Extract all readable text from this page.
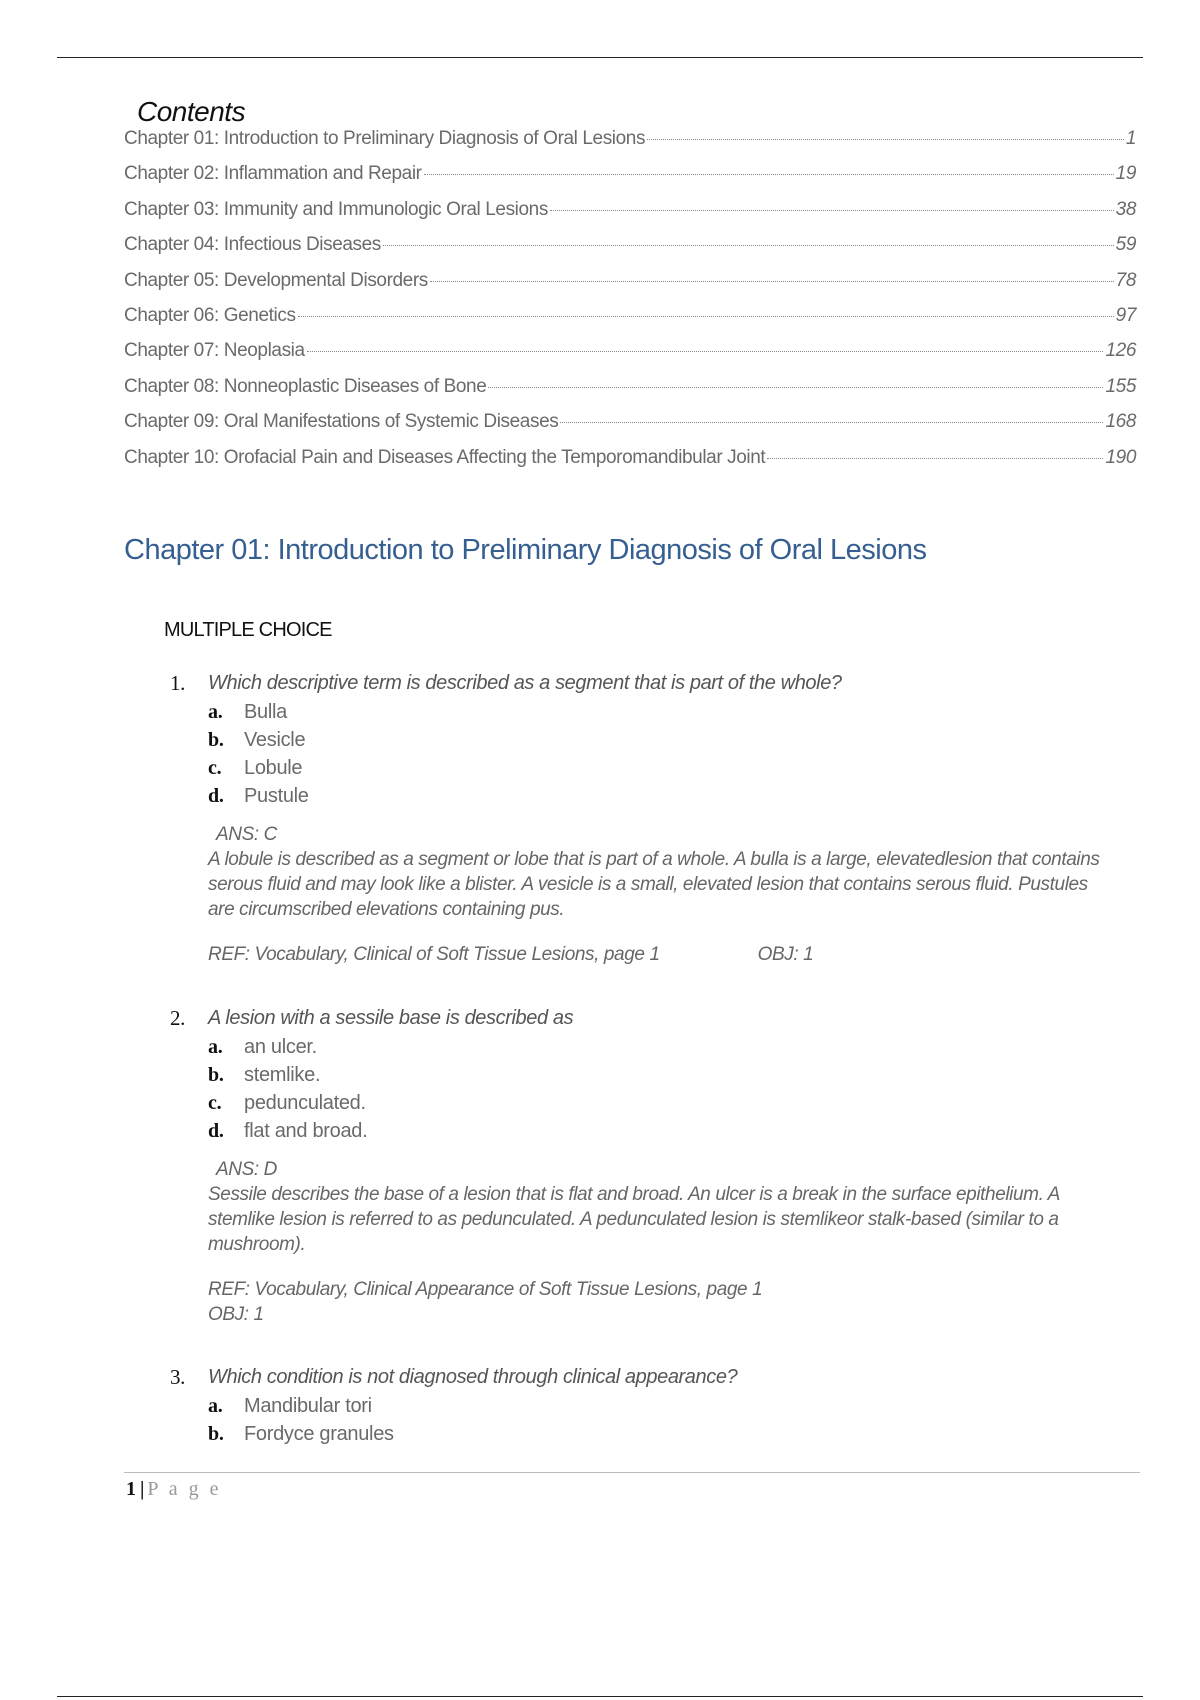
Contents
Chapter 01: Introduction to Preliminary Diagnosis of Oral Lesions	1
Chapter 02: Inflammation and Repair	19
Chapter 03: Immunity and Immunologic Oral Lesions	38
Chapter 04: Infectious Diseases	59
Chapter 05: Developmental Disorders	78
Chapter 06: Genetics	97
Chapter 07: Neoplasia	126
Chapter 08: Nonneoplastic Diseases of Bone	155
Chapter 09: Oral Manifestations of Systemic Diseases	168
Chapter 10: Orofacial Pain and Diseases Affecting the Temporomandibular Joint	190
Chapter 01: Introduction to Preliminary Diagnosis of Oral Lesions
MULTIPLE CHOICE
1.	Which descriptive term is described as a segment that is part of the whole?
a.	Bulla
b.	Vesicle
c.	Lobule
d.	Pustule
ANS: C
A lobule is described as a segment or lobe that is part of a whole. A bulla is a large, elevatedlesion that contains serous fluid and may look like a blister. A vesicle is a small, elevated lesion that contains serous fluid. Pustules are circumscribed elevations containing pus.
REF: Vocabulary, Clinical of Soft Tissue Lesions, page 1	OBJ: 1
2.	A lesion with a sessile base is described as
a.	an ulcer.
b.	stemlike.
c.	pedunculated.
d.	flat and broad.
ANS: D
Sessile describes the base of a lesion that is flat and broad. An ulcer is a break in the surface epithelium. A stemlike lesion is referred to as pedunculated. A pedunculated lesion is stemlikeor stalk-based (similar to a mushroom).
REF: Vocabulary, Clinical Appearance of Soft Tissue Lesions, page 1
OBJ: 1
3.	Which condition is not diagnosed through clinical appearance?
a.	Mandibular tori
b.	Fordyce granules
1 | P a g e
